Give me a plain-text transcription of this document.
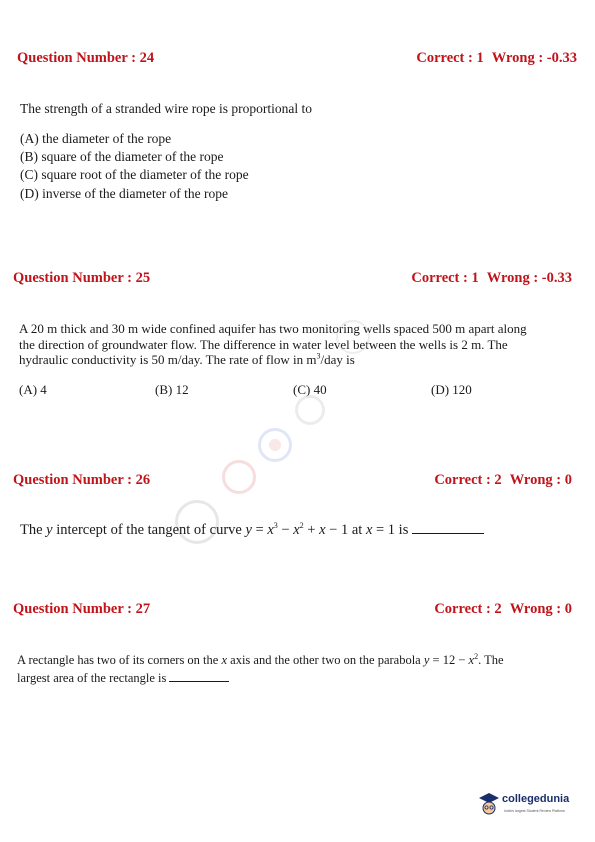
Question Number : 24	Correct : 1 Wrong : -0.33
The strength of a stranded wire rope is proportional to
(A) the diameter of the rope
(B) square of the diameter of the rope
(C) square root of the diameter of the rope
(D) inverse of the diameter of the rope
Question Number : 25	Correct : 1 Wrong : -0.33
A 20 m thick and 30 m wide confined aquifer has two monitoring wells spaced 500 m apart along
the direction of groundwater flow. The difference in water level between the wells is 2 m. The
hydraulic conductivity is 50 m/day. The rate of flow in $m^3$/day is
(A) 4	(B) 12	(C) 40	(D) 120
Question Number : 26	Correct : 2 Wrong : 0
The y intercept of the tangent of curve $y = x^3 - x^2 + x - 1$ at x = 1 is
Question Number : 27	Correct : 2 Wrong : 0
A rectangle has two of its corners on the x axis and the other two on the parabola $y = 12 - x^2$. The
largest area of the rectangle is
collegedunia
India's largest Student Review Platform
